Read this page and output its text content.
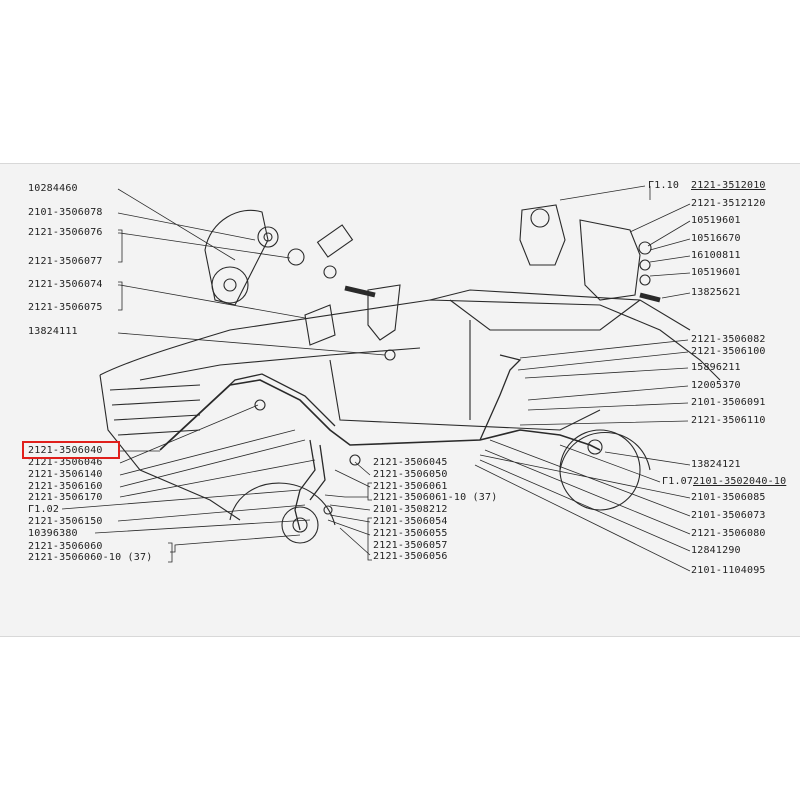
10284460
2101-3506078
2121-3506076
2121-3506077
2121-3506074
2121-3506075
13824111
2121-3506040
2121-3506046
2121-3506140
2121-3506160
2121-3506170
Г1.02
2121-3506150
10396380
2121-3506060
2121-3506060-10 (37)
2121-3506045
2121-3506050
2121-3506061
2121-3506061-10 (37)
2101-3508212
2121-3506054
2121-3506055
2121-3506057
2121-3506056
Г1.10 2121-3512010
2121-3512120
10519601
10516670
16100811
10519601
13825621
2121-3506082
2121-3506100
15896211
12005370
2101-3506091
2121-3506110
13824121
Г1.07 2101-3502040-10
2101-3506085
2101-3506073
2121-3506080
12841290
2101-1104095
